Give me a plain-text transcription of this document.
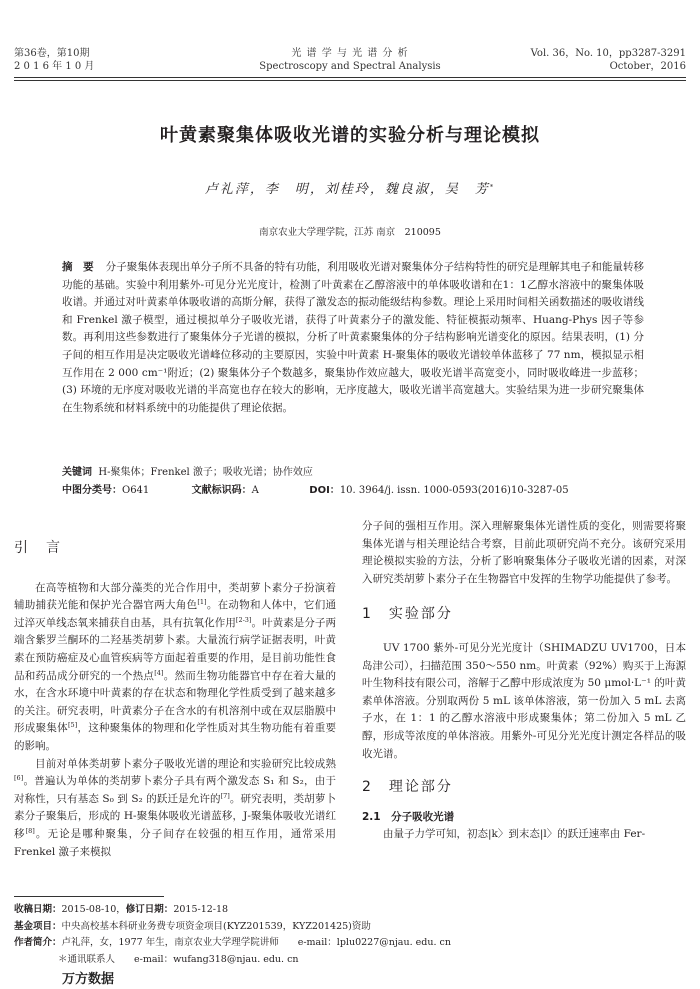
第36卷，第10期
2 0 1 6 年 1 0 月
光 谱 学 与 光 谱 分 析
Spectroscopy and Spectral Analysis
Vol. 36，No. 10，pp3287-3291
October，2016
叶黄素聚集体吸收光谱的实验分析与理论模拟
卢礼萍，李　明，刘桂玲，魏良淑，吴　芳*
南京农业大学理学院，江苏 南京　210095
摘　要 分子聚集体表现出单分子所不具备的特有功能，利用吸收光谱对聚集体分子结构特性的研究是理解其电子和能量转移功能的基础。实验中利用紫外-可见分光光度计，检测了叶黄素在乙醇溶液中的单体吸收谱和在1：1乙醇水溶液中的聚集体吸收谱。并通过对叶黄素单体吸收谱的高斯分解，获得了激发态的振动能级结构参数。理论上采用时间相关函数描述的吸收谱线和 Frenkel 激子模型，通过模拟单分子吸收光谱，获得了叶黄素分子的激发能、特征模振动频率、Huang-Phys 因子等参数。再利用这些参数进行了聚集体分子光谱的模拟，分析了叶黄素聚集体的分子结构影响光谱变化的原因。结果表明，(1) 分子间的相互作用是决定吸收光谱峰位移动的主要原因，实验中叶黄素 H-聚集体的吸收光谱较单体蓝移了 77 nm，模拟显示相互作用在 2 000 cm⁻¹附近；(2) 聚集体分子个数越多，聚集协作效应越大，吸收光谱半高宽变小，同时吸收峰进一步蓝移；(3) 环境的无序度对吸收光谱的半高宽也存在较大的影响，无序度越大，吸收光谱半高宽越大。实验结果为进一步研究聚集体在生物系统和材料系统中的功能提供了理论依据。
关键词 H-聚集体；Frenkel 激子；吸收光谱；协作效应
中图分类号：O641	文献标识码：A	DOI：10. 3964/j. issn. 1000-0593(2016)10-3287-05
引　言

在高等植物和大部分藻类的光合作用中，类胡萝卜素分子扮演着辅助捕获光能和保护光合器官两大角色[1]。在动物和人体中，它们通过淬灭单线态氧来捕获自由基，具有抗氧化作用[2-3]。叶黄素是分子两端含紫罗兰酮环的二羟基类胡萝卜素。大量流行病学证据表明，叶黄素在预防癌症及心血管疾病等方面起着重要的作用，是目前功能性食品和药品成分研究的一个热点[4]。然而生物功能器官中存在着大量的水，在含水环境中叶黄素的存在状态和物理化学性质受到了越来越多的关注。研究表明，叶黄素分子在含水的有机溶剂中或在双层脂膜中形成聚集体[5]，这种聚集体的物理和化学性质对其生物功能有着重要的影响。

目前对单体类胡萝卜素分子吸收光谱的理论和实验研究比较成熟[6]。普遍认为单体的类胡萝卜素分子具有两个激发态 S₁ 和 S₂，由于对称性，只有基态 S₀ 到 S₂ 的跃迁是允许的[7]。研究表明，类胡萝卜素分子聚集后，形成的 H-聚集体吸收光谱蓝移，J-聚集体吸收光谱红移[8]。无论是哪种聚集，分子间存在较强的相互作用，通常采用 Frenkel 激子来模拟

分子间的强相互作用。深入理解聚集体光谱性质的变化，则需要将聚集体光谱与相关理论结合考察，目前此项研究尚不充分。该研究采用理论模拟实验的方法，分析了影响聚集体分子吸收光谱的因素，对深入研究类胡萝卜素分子在生物器官中发挥的生物学功能提供了参考。

1　实验部分

UV 1700 紫外-可见分光光度计（SHIMADZU UV1700，日本岛津公司），扫描范围 350～550 nm。叶黄素（92%）购买于上海源叶生物科技有限公司，溶解于乙醇中形成浓度为 50 μmol·L⁻¹ 的叶黄素单体溶液。分别取两份 5 mL 该单体溶液，第一份加入 5 mL 去离子水，在 1：1 的乙醇水溶液中形成聚集体；第二份加入 5 mL 乙醇，形成等浓度的单体溶液。用紫外-可见分光光度计测定各样品的吸收光谱。

2　理论部分
2.1　分子吸收光谱

由量子力学可知，初态|k〉到末态|l〉的跃迁速率由 Fer-

收稿日期：2015-08-10，修订日期：2015-12-18
基金项目：中央高校基本科研业务费专项资金项目(KYZ201539，KYZ201425)资助
作者简介：卢礼萍，女，1977 年生，南京农业大学理学院讲师　　e-mail：lplu0227@njau. edu. cn
＊通讯联系人　　e-mail：wufang318@njau. edu. cn
万方数据
